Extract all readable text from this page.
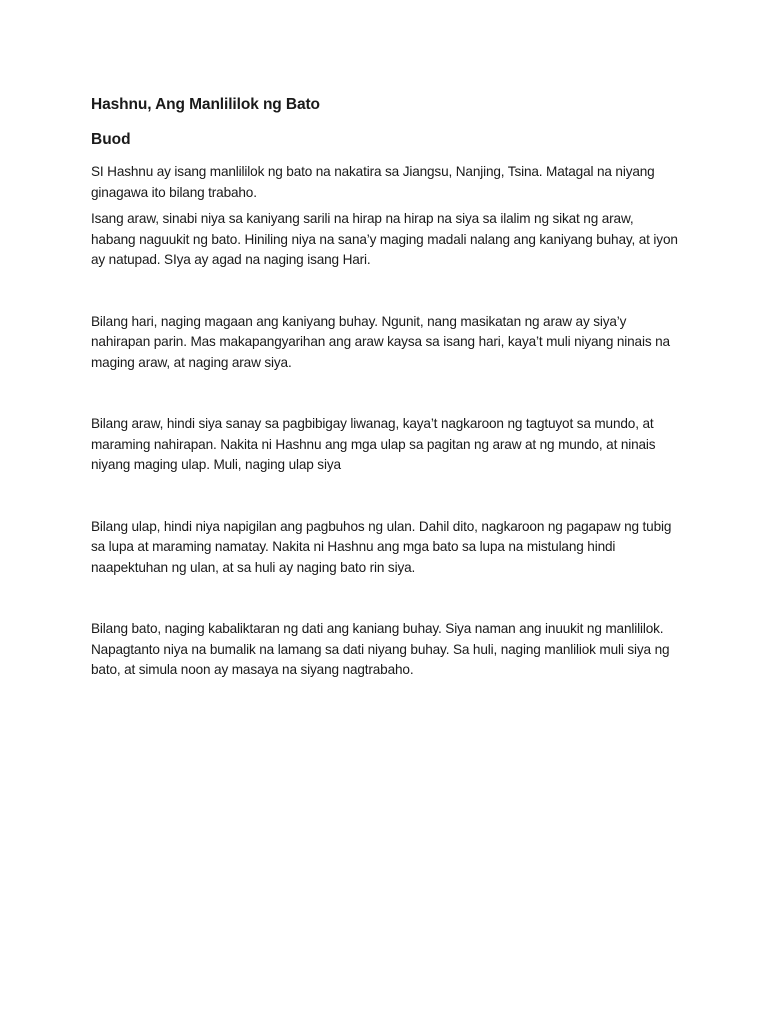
Hashnu, Ang Manlililok ng Bato
Buod

SI Hashnu ay isang manlililok ng bato na nakatira sa Jiangsu, Nanjing, Tsina. Matagal na niyang ginagawa ito bilang trabaho.

Isang araw, sinabi niya sa kaniyang sarili na hirap na hirap na siya sa ilalim ng sikat ng araw, habang naguukit ng bato. Hiniling niya na sana’y maging madali nalang ang kaniyang buhay, at iyon ay natupad. SIya ay agad na naging isang Hari.

Bilang hari, naging magaan ang kaniyang buhay. Ngunit, nang masikatan ng araw ay siya’y nahirapan parin. Mas makapangyarihan ang araw kaysa sa isang hari, kaya’t muli niyang ninais na maging araw, at naging araw siya.

Bilang araw, hindi siya sanay sa pagbibigay liwanag, kaya’t nagkaroon ng tagtuyot sa mundo, at maraming nahirapan. Nakita ni Hashnu ang mga ulap sa pagitan ng araw at ng mundo, at ninais niyang maging ulap. Muli, naging ulap siya

Bilang ulap, hindi niya napigilan ang pagbuhos ng ulan. Dahil dito, nagkaroon ng pagapaw ng tubig sa lupa at maraming namatay. Nakita ni Hashnu ang mga bato sa lupa na mistulang hindi naapektuhan ng ulan, at sa huli ay naging bato rin siya.

Bilang bato, naging kabaliktaran ng dati ang kaniang buhay. Siya naman ang inuukit ng manlililok. Napagtanto niya na bumalik na lamang sa dati niyang buhay. Sa huli, naging manliliok muli siya ng bato, at simula noon ay masaya na siyang nagtrabaho.
